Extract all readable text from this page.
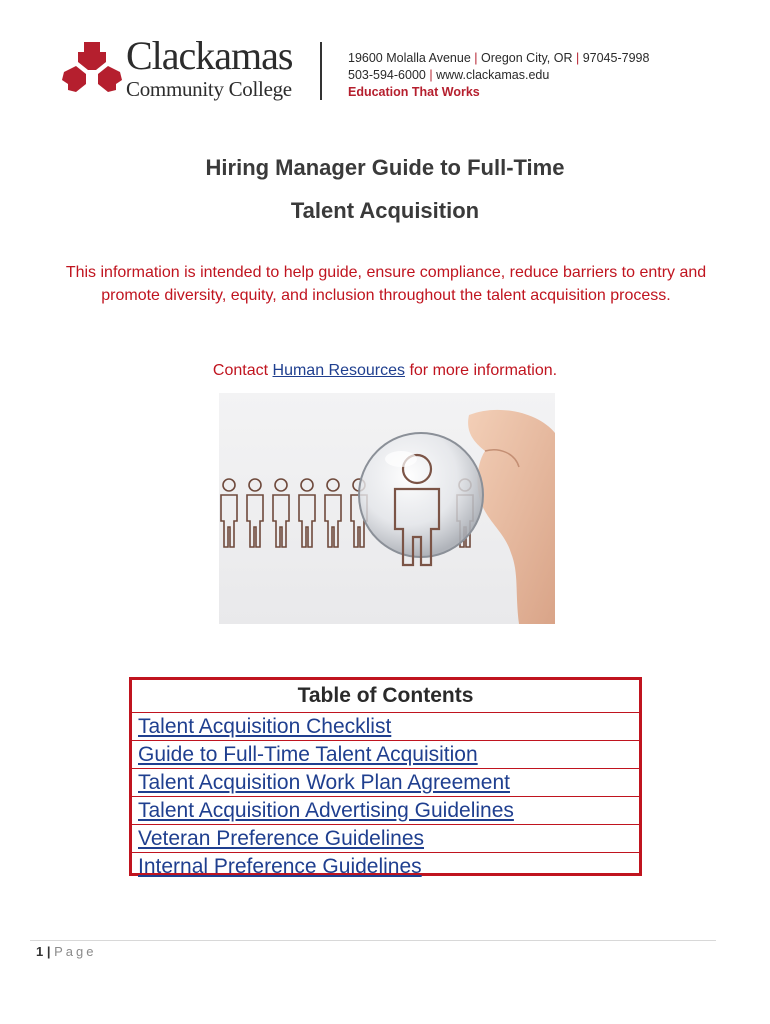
Clackamas
Community College
19600 Molalla Avenue | Oregon City, OR | 97045-7998
503-594-6000 | www.clackamas.edu
Education That Works
Hiring Manager Guide to Full-Time
Talent Acquisition
This information is intended to help guide, ensure compliance, reduce barriers to entry and promote diversity, equity, and inclusion throughout the talent acquisition process.
Contact Human Resources for more information.
Table of Contents
Talent Acquisition Checklist
Guide to Full-Time Talent Acquisition
Talent Acquisition Work Plan Agreement
Talent Acquisition Advertising Guidelines
Veteran Preference Guidelines
Internal Preference Guidelines
1 | Page
